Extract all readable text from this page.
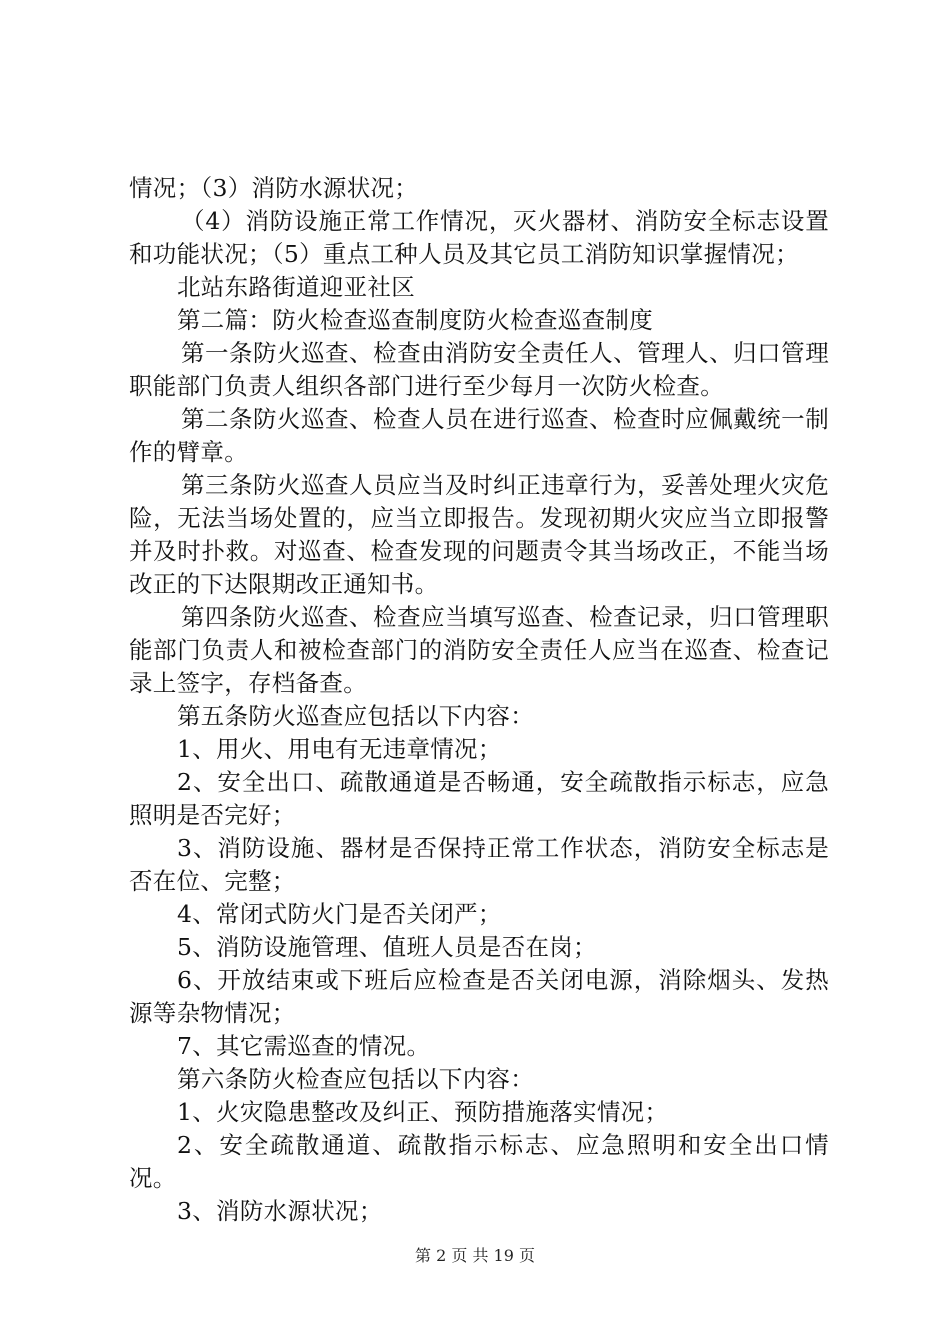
情况；（3）消防水源状况；

（4）消防设施正常工作情况，灭火器材、消防安全标志设置和功能状况；（5）重点工种人员及其它员工消防知识掌握情况；

北站东路街道迎亚社区

第二篇：防火检查巡查制度防火检查巡查制度

第一条防火巡查、检查由消防安全责任人、管理人、归口管理职能部门负责人组织各部门进行至少每月一次防火检查。

第二条防火巡查、检查人员在进行巡查、检查时应佩戴统一制作的臂章。

第三条防火巡查人员应当及时纠正违章行为，妥善处理火灾危险，无法当场处置的，应当立即报告。发现初期火灾应当立即报警并及时扑救。对巡查、检查发现的问题责令其当场改正，不能当场改正的下达限期改正通知书。

第四条防火巡查、检查应当填写巡查、检查记录，归口管理职能部门负责人和被检查部门的消防安全责任人应当在巡查、检查记录上签字，存档备查。

第五条防火巡查应包括以下内容：

1、用火、用电有无违章情况；

2、安全出口、疏散通道是否畅通，安全疏散指示标志，应急照明是否完好；

3、消防设施、器材是否保持正常工作状态，消防安全标志是否在位、完整；

4、常闭式防火门是否关闭严；

5、消防设施管理、值班人员是否在岗；

6、开放结束或下班后应检查是否关闭电源，消除烟头、发热源等杂物情况；

7、其它需巡查的情况。

第六条防火检查应包括以下内容：

1、火灾隐患整改及纠正、预防措施落实情况；

2、安全疏散通道、疏散指示标志、应急照明和安全出口情况。

3、消防水源状况；

第 2 页 共 19 页
